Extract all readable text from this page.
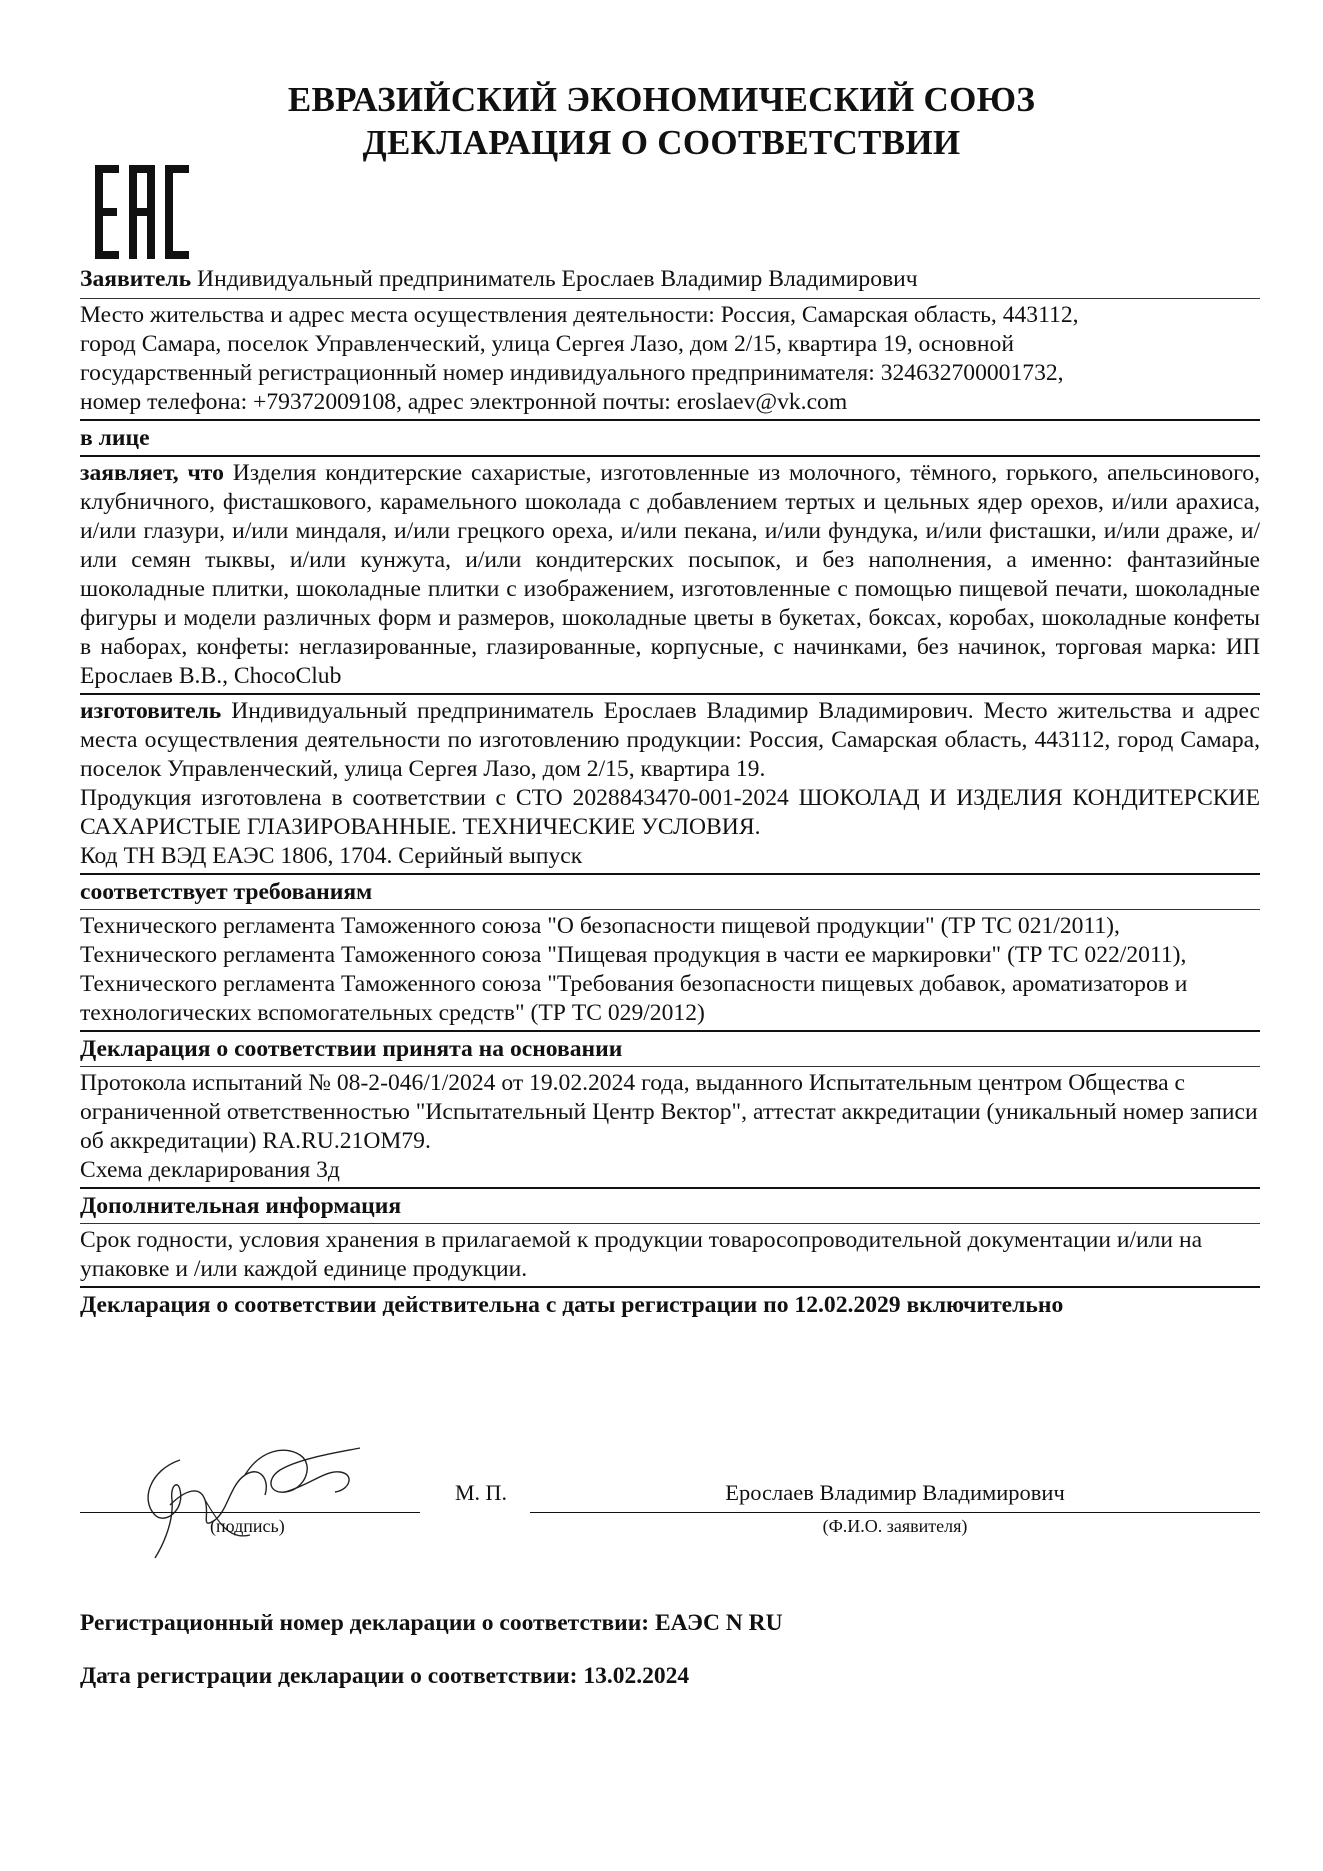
ЕВРАЗИЙСКИЙ ЭКОНОМИЧЕСКИЙ СОЮЗ
ДЕКЛАРАЦИЯ О СООТВЕТСТВИИ
Заявитель Индивидуальный предприниматель Ерослаев Владимир Владимирович
Место жительства и адрес места осуществления деятельности: Россия, Самарская область, 443112,
город Самара, поселок Управленческий, улица Сергея Лазо, дом 2/15, квартира 19, основной
государственный регистрационный номер индивидуального предпринимателя: 324632700001732,
номер телефона: +79372009108, адрес электронной почты: eroslaev@vk.com
в лице
заявляет, что Изделия кондитерские сахаристые, изготовленные из молочного, тёмного, горького, апельсинового, клубничного, фисташкового, карамельного шоколада с добавлением тертых и цельных ядер орехов, и/или арахиса, и/или глазури, и/или миндаля, и/или грецкого ореха, и/или пекана, и/или фундука, и/или фисташки, и/или драже, и/или семян тыквы, и/или кунжута, и/или кондитерских посыпок, и без наполнения, а именно: фантазийные шоколадные плитки, шоколадные плитки с изображением, изготовленные с помощью пищевой печати, шоколадные фигуры и модели различных форм и размеров, шоколадные цветы в букетах, боксах, коробах, шоколадные конфеты в наборах, конфеты: неглазированные, глазированные, корпусные, с начинками, без начинок, торговая марка: ИП Ерослаев В.В., ChocoClub

изготовитель Индивидуальный предприниматель Ерослаев Владимир Владимирович. Место жительства и адрес места осуществления деятельности по изготовлению продукции: Россия, Самарская область, 443112, город Самара, поселок Управленческий, улица Сергея Лазо, дом 2/15, квартира 19.

Продукция изготовлена в соответствии с СТО 2028843470-001-2024 ШОКОЛАД И ИЗДЕЛИЯ КОНДИТЕРСКИЕ САХАРИСТЫЕ ГЛАЗИРОВАННЫЕ. ТЕХНИЧЕСКИЕ УСЛОВИЯ.

Код ТН ВЭД ЕАЭС 1806, 1704. Серийный выпуск

соответствует требованиям
Технического регламента Таможенного союза "О безопасности пищевой продукции" (ТР ТС 021/2011), Технического регламента Таможенного союза "Пищевая продукция в части ее маркировки" (ТР ТС 022/2011), Технического регламента Таможенного союза "Требования безопасности пищевых добавок, ароматизаторов и технологических вспомогательных средств" (ТР ТС 029/2012)
Декларация о соответствии принята на основании

Протокола испытаний № 08-2-046/1/2024 от 19.02.2024 года, выданного Испытательным центром Общества с ограниченной ответственностью "Испытательный Центр Вектор", аттестат аккредитации (уникальный номер записи об аккредитации) RA.RU.21ОМ79.

Схема декларирования 3д

Дополнительная информация
Срок годности, условия хранения в прилагаемой к продукции товаросопроводительной документации и/или на упаковке и /или каждой единице продукции.
Декларация о соответствии действительна с даты регистрации по 12.02.2029 включительно
(подпись)
М. П.	Ерослаев Владимир Владимирович
(Ф.И.О. заявителя)
Регистрационный номер декларации о соответствии: ЕАЭС N RU
Дата регистрации декларации о соответствии: 13.02.2024
